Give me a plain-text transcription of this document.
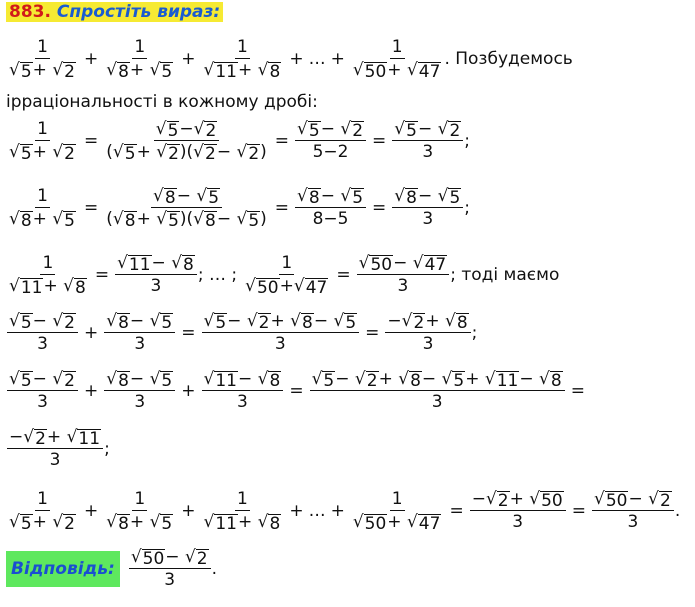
883. Спростіть вираз:
1
√ 5 + √ 2
+ $\frac{1}{√ 8 + √ 5} + \frac{1}{√ 11 + √ 8}$ + … + $\frac{1}{√ 50 + √ 47}$ . Позбудемось
ірраціональності в кожному дробі:
$\frac{1}{√ 5 + √ 2} = \frac{√ 5 - √ 2}{( √ 5 + √ 2 )( √ 2 - √ 2 )} = \frac{√ 5 - √ 2}{5-2} = \frac{√ 5 - √ 2}{3}$ ;
$\frac{1}{√ 8 + √ 5} = \frac{√ 8 - √ 5}{( √ 8 + √ 5 )( √ 8 - √ 5 )} = \frac{√ 8 - √ 5}{8-5} = \frac{√ 8 - √ 5}{3}$ ;
$\frac{1}{√ 11 + √ 8} = \frac{√ 11 - √ 8}{3}$ ; … ; $\frac{1}{√ 50 + √ 47} = \frac{√ 50 - √ 47}{3}$ ; тоді маємо
√ 5 − √ 2
3
+ $\frac{√ 8 - √ 5}{3} = \frac{√ 5 - √ 2 + √ 8 - √ 5}{3} = \frac{- √ 2 + √ 8}{3}$ ;
√ 5 − √ 2
3
+ $\frac{√ 8 - √ 5}{3} + \frac{√ 11 - √ 8}{3} = \frac{√ 5 - √ 2 + √ 8 - √ 5 + √ 11 - √ 8}{3}$ =
− √ 2 + √ 11
3
;
1
√ 5 + √ 2
+ $\frac{1}{√ 8 + √ 5} + \frac{1}{√ 11 + √ 8}$ + … + $\frac{1}{√ 50 + √ 47} = \frac{- √ 2 + √ 50}{3} = \frac{√ 50 - √ 2}{3}$ .
Відповідь:
√ 50 − √ 2
3
.
